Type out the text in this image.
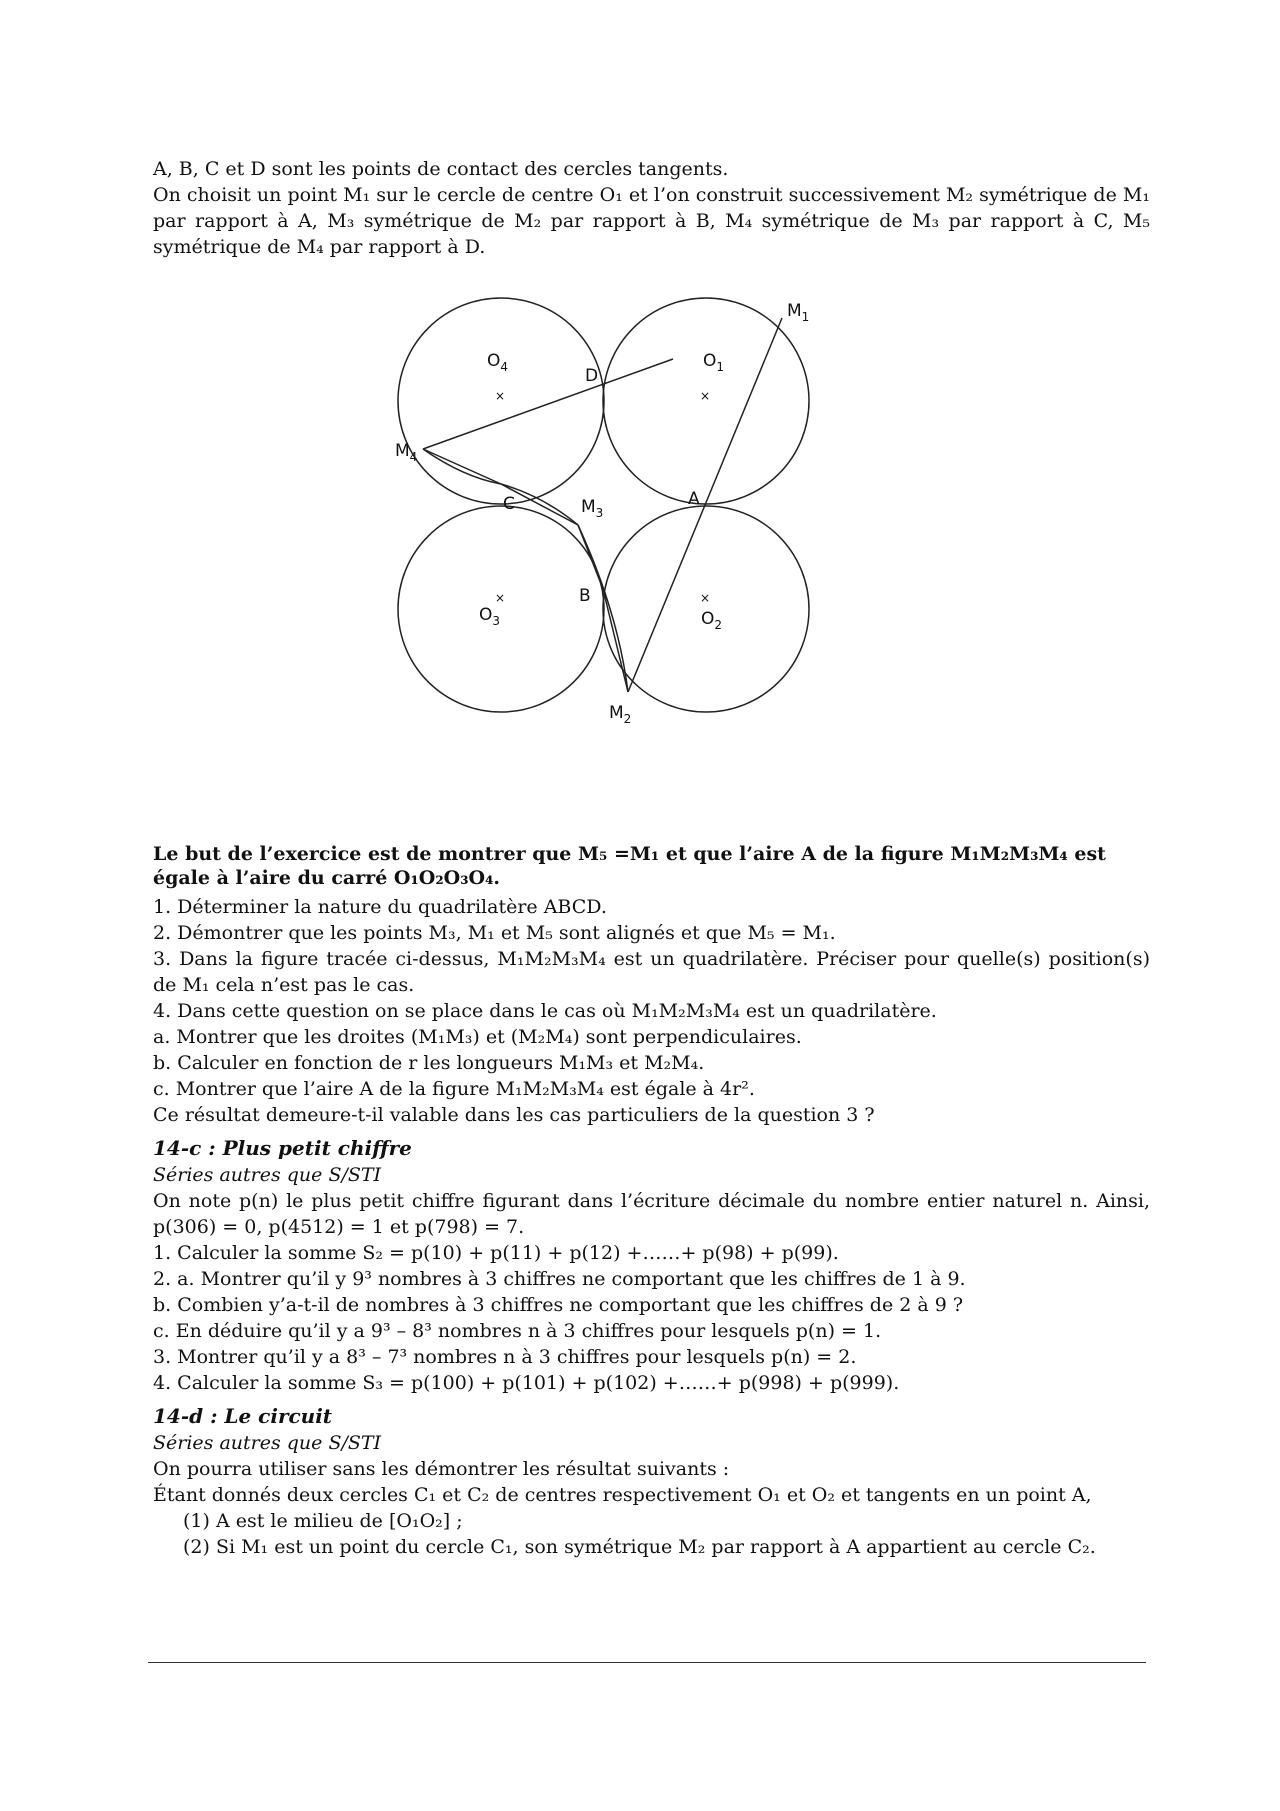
A, B, C et D sont les points de contact des cercles tangents.

On choisit un point M₁ sur le cercle de centre O₁ et l’on construit successivement M₂ symétrique de M₁ par rapport à A, M₃ symétrique de M₂ par rapport à B, M₄ symétrique de M₃ par rapport à C, M₅ symétrique de M₄ par rapport à D.

$M_1$
$M_2$
$M_3$
$M_4$
$O_4$	$O_1$
$O_3$	$O_2$
A
B
C
D
×	×
×	×

Le but de l’exercice est de montrer que M₅ =M₁ et que l’aire A de la figure M₁M₂M₃M₄ est
égale à l’aire du carré O₁O₂O₃O₄.

1. Déterminer la nature du quadrilatère ABCD.

2. Démontrer que les points M₃, M₁ et M₅ sont alignés et que M₅ = M₁.

3. Dans la figure tracée ci-dessus, M₁M₂M₃M₄ est un quadrilatère. Préciser pour quelle(s) position(s) de M₁ cela n’est pas le cas.

4. Dans cette question on se place dans le cas où M₁M₂M₃M₄ est un quadrilatère.

a. Montrer que les droites (M₁M₃) et (M₂M₄) sont perpendiculaires.

b. Calculer en fonction de r les longueurs M₁M₃ et M₂M₄.

c. Montrer que l’aire A de la figure M₁M₂M₃M₄ est égale à 4r².

Ce résultat demeure-t-il valable dans les cas particuliers de la question 3 ?

14-c : Plus petit chiffre

Séries autres que S/STI

On note p(n) le plus petit chiffre figurant dans l’écriture décimale du nombre entier naturel n. Ainsi, p(306) = 0, p(4512) = 1 et p(798) = 7.

1. Calculer la somme S₂ = p(10) + p(11) + p(12) +……+ p(98) + p(99).

2. a. Montrer qu’il y 9³ nombres à 3 chiffres ne comportant que les chiffres de 1 à 9.

b. Combien y’a-t-il de nombres à 3 chiffres ne comportant que les chiffres de 2 à 9 ?

c. En déduire qu’il y a 9³ – 8³ nombres n à 3 chiffres pour lesquels p(n) = 1.

3. Montrer qu’il y a 8³ – 7³ nombres n à 3 chiffres pour lesquels p(n) = 2.

4. Calculer la somme S₃ = p(100) + p(101) + p(102) +……+ p(998) + p(999).

14-d : Le circuit

Séries autres que S/STI

On pourra utiliser sans les démontrer les résultat suivants :

Étant donnés deux cercles C₁ et C₂ de centres respectivement O₁ et O₂ et tangents en un point A,

(1) A est le milieu de [O₁O₂] ;

(2) Si M₁ est un point du cercle C₁, son symétrique M₂ par rapport à A appartient au cercle C₂.
